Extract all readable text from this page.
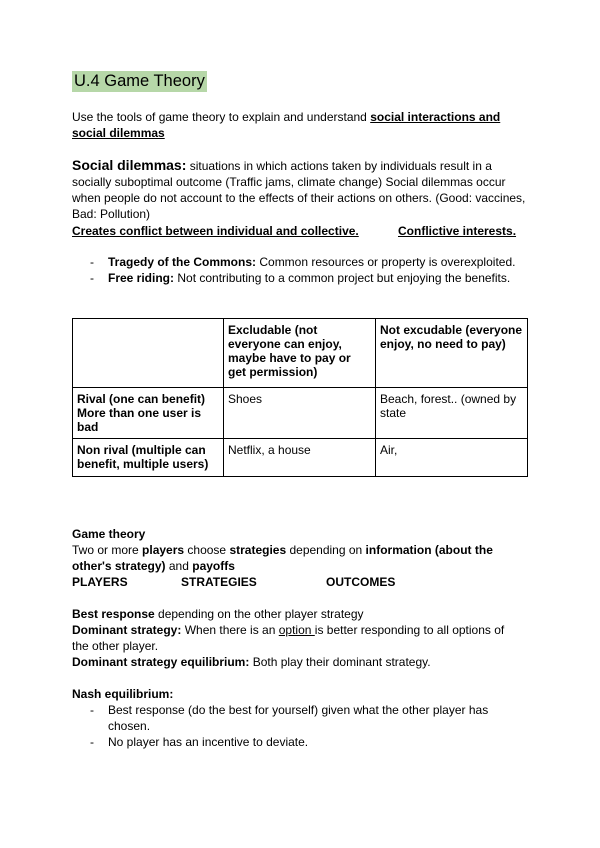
U.4 Game Theory
Use the tools of game theory to explain and understand social interactions and social dilemmas
Social dilemmas: situations in which actions taken by individuals result in a socially suboptimal outcome (Traffic jams, climate change) Social dilemmas occur when people do not account to the effects of their actions on others. (Good: vaccines, Bad: Pollution)
Creates conflict between individual and collective.	Conflictive interests.
- Tragedy of the Commons: Common resources or property is overexploited.
- Free riding: Not contributing to a common project but enjoying the benefits.
	Excludable (not everyone can enjoy, maybe have to pay or get permission)	Not excudable (everyone enjoy, no need to pay)
Rival (one can benefit) More than one user is bad	Shoes	Beach, forest.. (owned by state
Non rival (multiple can benefit, multiple users)	Netflix, a house	Air,
Game theory
Two or more players choose strategies depending on information (about the other's strategy) and payoffs
PLAYERS	STRATEGIES	OUTCOMES
Best response depending on the other player strategy
Dominant strategy: When there is an option is better responding to all options of the other player.
Dominant strategy equilibrium: Both play their dominant strategy.
Nash equilibrium:
- Best response (do the best for yourself) given what the other player has chosen.
- No player has an incentive to deviate.
